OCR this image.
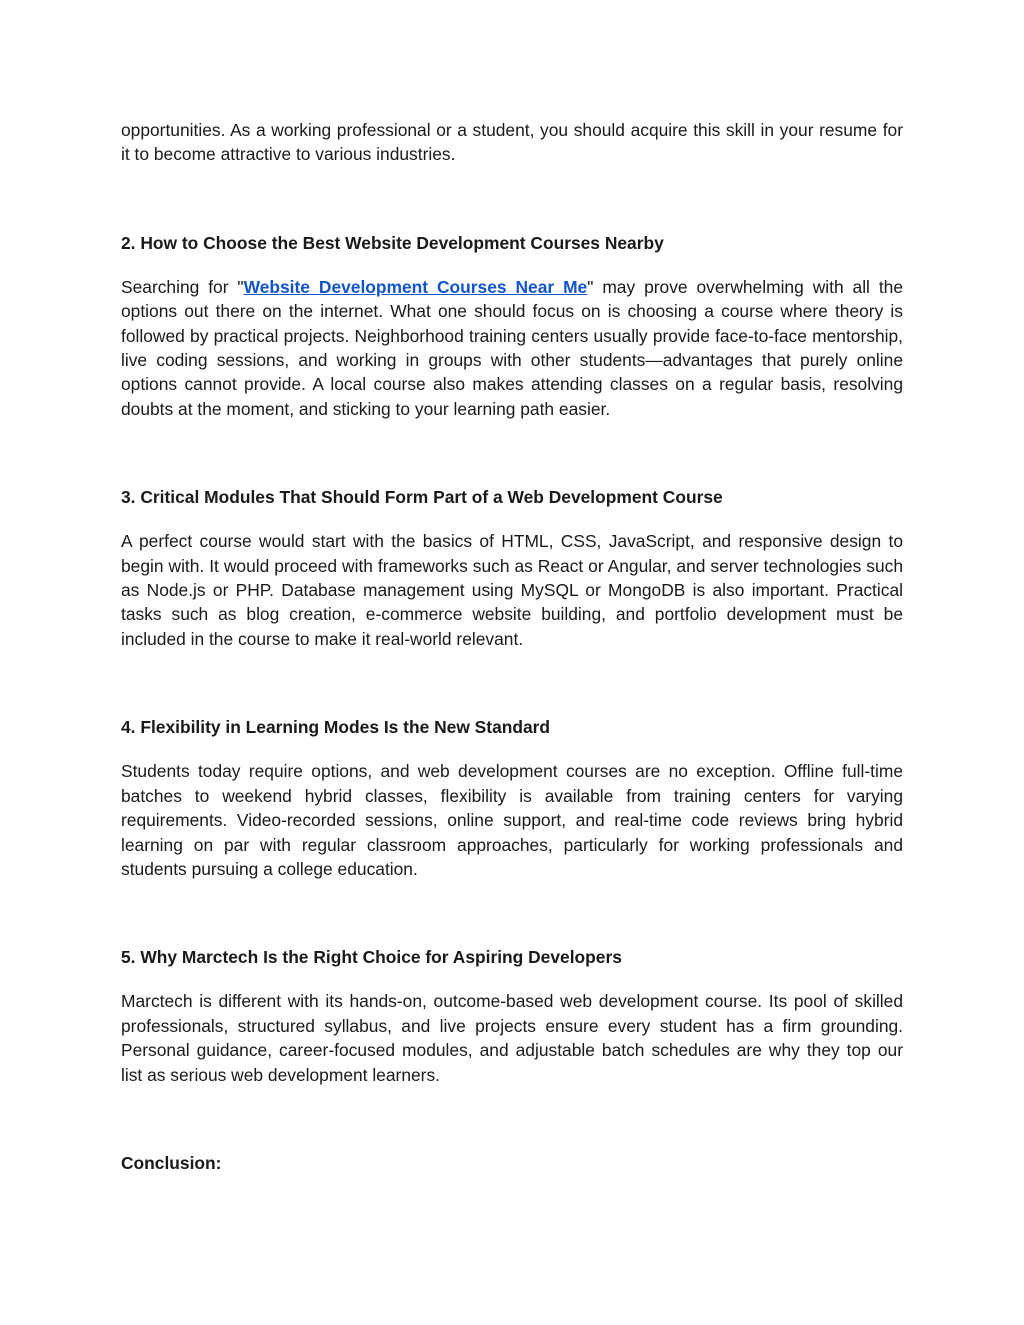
opportunities. As a working professional or a student, you should acquire this skill in your resume for it to become attractive to various industries.

2. How to Choose the Best Website Development Courses Nearby

Searching for "Website Development Courses Near Me" may prove overwhelming with all the options out there on the internet. What one should focus on is choosing a course where theory is followed by practical projects. Neighborhood training centers usually provide face-to-face mentorship, live coding sessions, and working in groups with other students—advantages that purely online options cannot provide. A local course also makes attending classes on a regular basis, resolving doubts at the moment, and sticking to your learning path easier.

3. Critical Modules That Should Form Part of a Web Development Course

A perfect course would start with the basics of HTML, CSS, JavaScript, and responsive design to begin with. It would proceed with frameworks such as React or Angular, and server technologies such as Node.js or PHP. Database management using MySQL or MongoDB is also important. Practical tasks such as blog creation, e-commerce website building, and portfolio development must be included in the course to make it real-world relevant.

4. Flexibility in Learning Modes Is the New Standard

Students today require options, and web development courses are no exception. Offline full-time batches to weekend hybrid classes, flexibility is available from training centers for varying requirements. Video-recorded sessions, online support, and real-time code reviews bring hybrid learning on par with regular classroom approaches, particularly for working professionals and students pursuing a college education.

5. Why Marctech Is the Right Choice for Aspiring Developers

Marctech is different with its hands-on, outcome-based web development course. Its pool of skilled professionals, structured syllabus, and live projects ensure every student has a firm grounding. Personal guidance, career-focused modules, and adjustable batch schedules are why they top our list as serious web development learners.

Conclusion:
